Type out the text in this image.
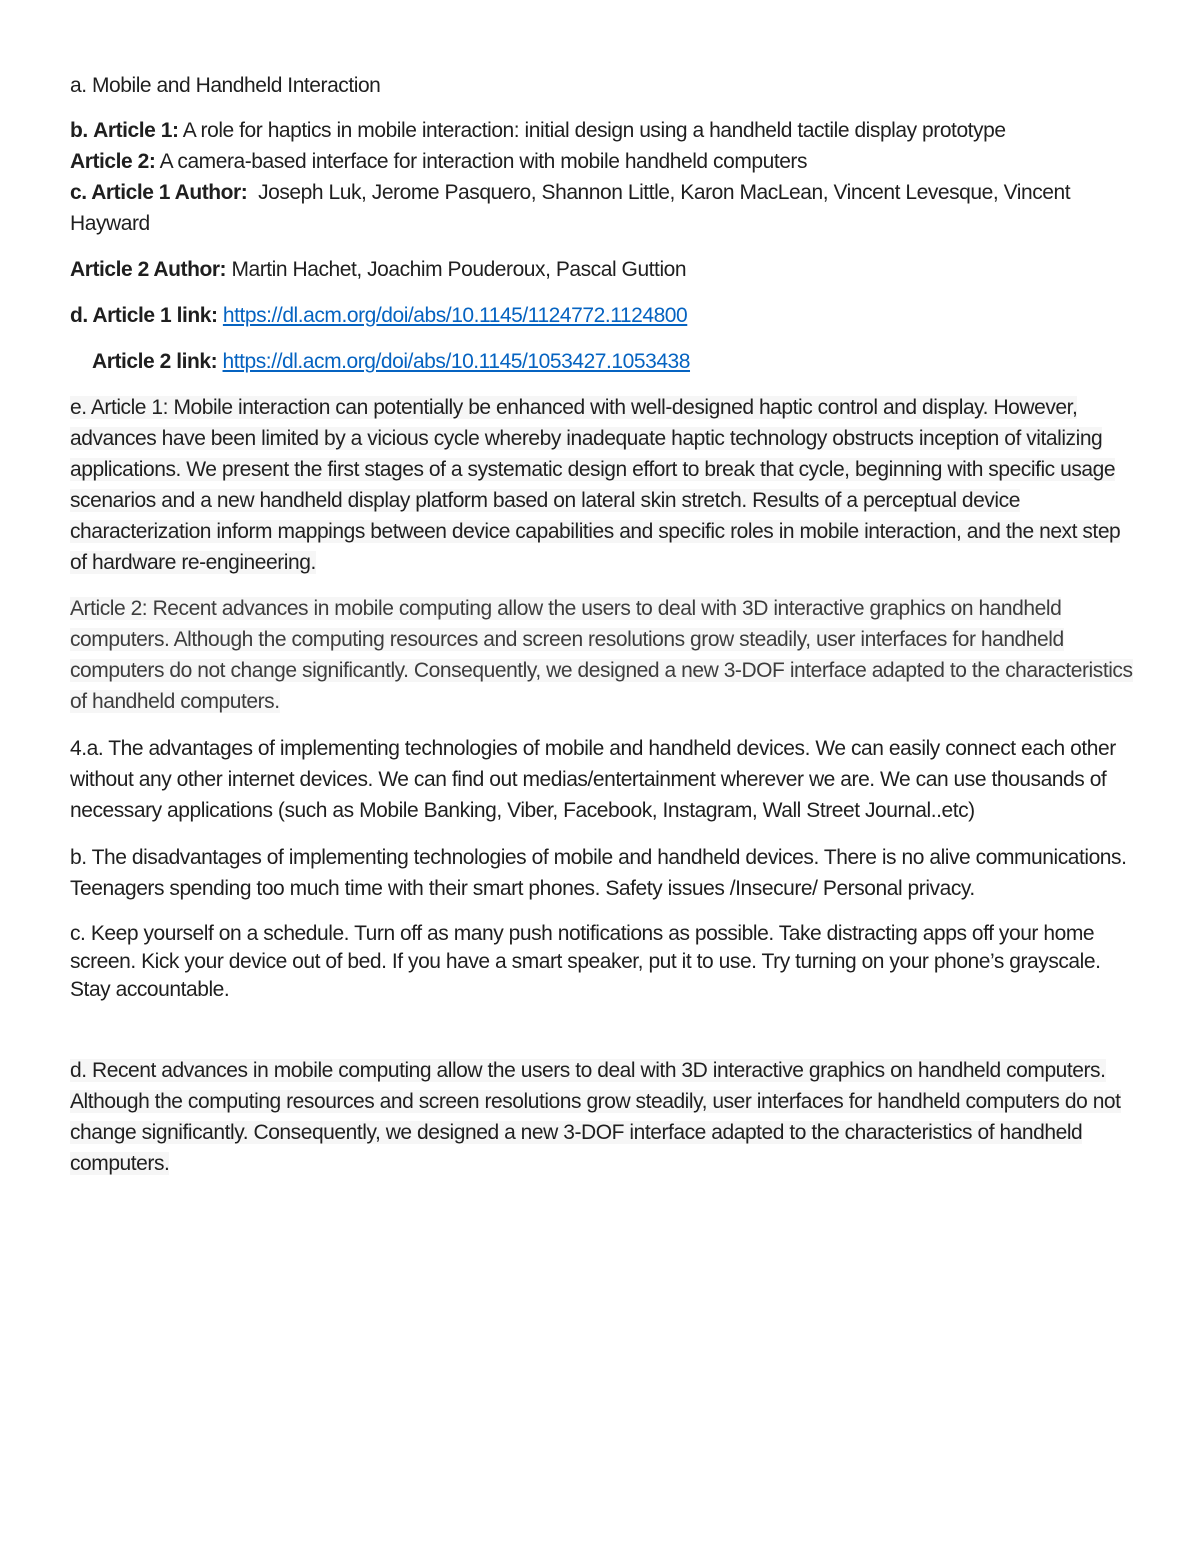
a. Mobile and Handheld Interaction

b. Article 1: A role for haptics in mobile interaction: initial design using a handheld tactile display prototype
Article 2: A camera-based interface for interaction with mobile handheld computers
c. Article 1 Author: Joseph Luk, Jerome Pasquero, Shannon Little, Karon MacLean, Vincent Levesque, Vincent Hayward

Article 2 Author: Martin Hachet, Joachim Pouderoux, Pascal Guttion

d. Article 1 link: https://dl.acm.org/doi/abs/10.1145/1124772.1124800

Article 2 link: https://dl.acm.org/doi/abs/10.1145/1053427.1053438

e. Article 1: Mobile interaction can potentially be enhanced with well-designed haptic control and display. However, advances have been limited by a vicious cycle whereby inadequate haptic technology obstructs inception of vitalizing applications. We present the first stages of a systematic design effort to break that cycle, beginning with specific usage scenarios and a new handheld display platform based on lateral skin stretch. Results of a perceptual device characterization inform mappings between device capabilities and specific roles in mobile interaction, and the next step of hardware re-engineering.

Article 2: Recent advances in mobile computing allow the users to deal with 3D interactive graphics on handheld computers. Although the computing resources and screen resolutions grow steadily, user interfaces for handheld computers do not change significantly. Consequently, we designed a new 3-DOF interface adapted to the characteristics of handheld computers.

4.a. The advantages of implementing technologies of mobile and handheld devices. We can easily connect each other without any other internet devices. We can find out medias/entertainment wherever we are. We can use thousands of necessary applications (such as Mobile Banking, Viber, Facebook, Instagram, Wall Street Journal..etc)

b. The disadvantages of implementing technologies of mobile and handheld devices. There is no alive communications. Teenagers spending too much time with their smart phones. Safety issues /Insecure/ Personal privacy.

c. Keep yourself on a schedule. Turn off as many push notifications as possible. Take distracting apps off your home screen. Kick your device out of bed. If you have a smart speaker, put it to use. Try turning on your phone’s grayscale. Stay accountable.

d. Recent advances in mobile computing allow the users to deal with 3D interactive graphics on handheld computers. Although the computing resources and screen resolutions grow steadily, user interfaces for handheld computers do not change significantly. Consequently, we designed a new 3-DOF interface adapted to the characteristics of handheld computers.
